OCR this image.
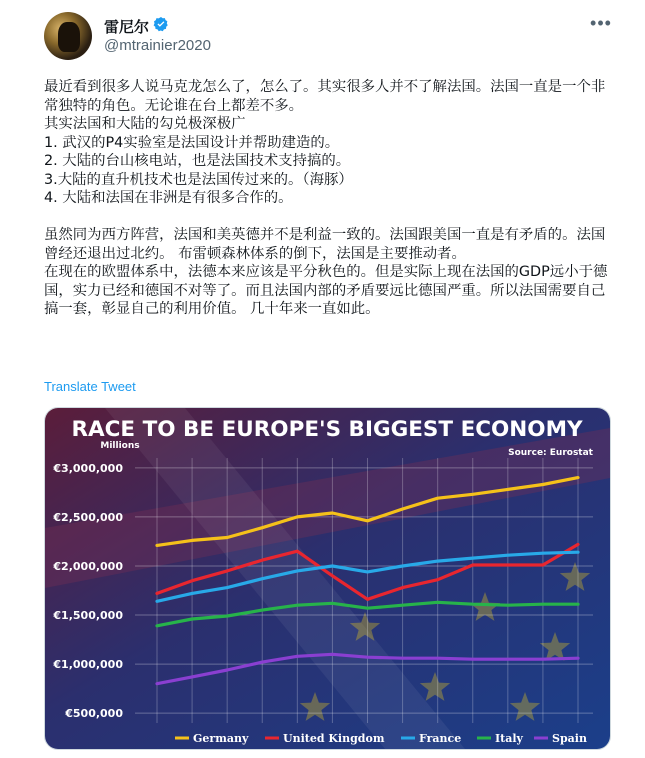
雷尼尔
@mtrainier2020
•••
最近看到很多人说马克龙怎么了，怎么了。其实很多人并不了解法国。法国一直是一个非常独特的角色。无论谁在台上都差不多。
其实法国和大陆的勾兑极深极广
1. 武汉的P4实验室是法国设计并帮助建造的。
2. 大陆的台山核电站，也是法国技术支持搞的。
3.大陆的直升机技术也是法国传过来的。（海豚）
4. 大陆和法国在非洲是有很多合作的。

虽然同为西方阵营，法国和美英德并不是利益一致的。法国跟美国一直是有矛盾的。法国曾经还退出过北约。 布雷顿森林体系的倒下，法国是主要推动者。
在现在的欧盟体系中，法德本来应该是平分秋色的。但是实际上现在法国的GDP远小于德国，实力已经和德国不对等了。而且法国内部的矛盾要远比德国严重。所以法国需要自己搞一套，彰显自己的利用价值。 几十年来一直如此。
Translate Tweet
RACE TO BE EUROPE'S BIGGEST ECONOMY
Millions
Source: Eurostat
€3,000,000
€2,500,000
€2,000,000
€1,500,000
€1,000,000
€500,000
Germany	United Kingdom	France	Italy	Spain
